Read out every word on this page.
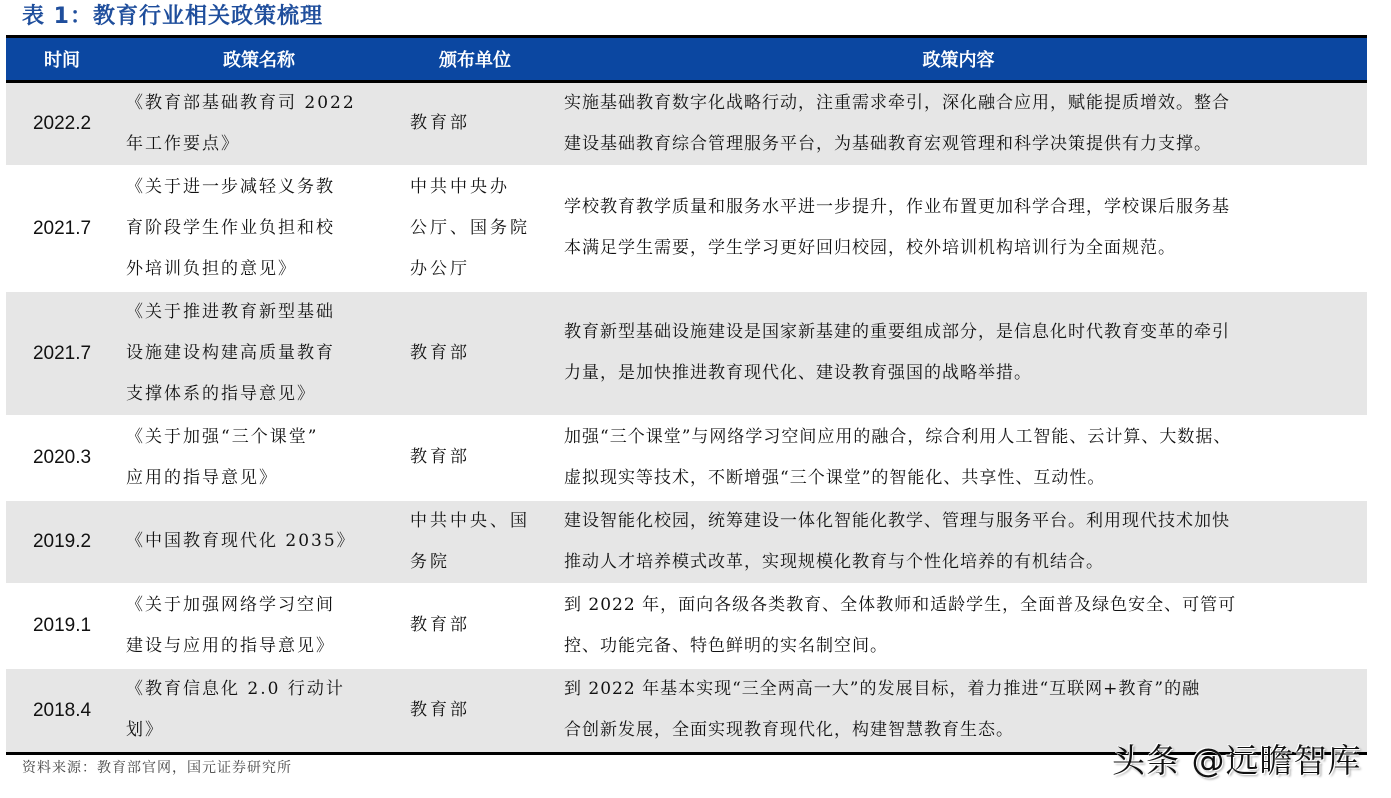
表 1：教育行业相关政策梳理
时间	政策名称	颁布单位	政策内容
2022.2	《教育部基础教育司 2022
年工作要点》	教育部	实施基础教育数字化战略行动，注重需求牵引，深化融合应用，赋能提质增效。整合
建设基础教育综合管理服务平台，为基础教育宏观管理和科学决策提供有力支撑。

2021.7	《关于进一步减轻义务教
育阶段学生作业负担和校
外培训负担的意见》	中共中央办
公厅、国务院
办公厅	学校教育教学质量和服务水平进一步提升，作业布置更加科学合理，学校课后服务基
本满足学生需要，学生学习更好回归校园，校外培训机构培训行为全面规范。

2021.7	《关于推进教育新型基础
设施建设构建高质量教育
支撑体系的指导意见》	教育部	教育新型基础设施建设是国家新基建的重要组成部分，是信息化时代教育变革的牵引
力量，是加快推进教育现代化、建设教育强国的战略举措。

2020.3	《关于加强“三个课堂”
应用的指导意见》	教育部	加强“三个课堂”与网络学习空间应用的融合，综合利用人工智能、云计算、大数据、
虚拟现实等技术，不断增强“三个课堂”的智能化、共享性、互动性。

2019.2	《中国教育现代化 2035》	中共中央、国
务院	建设智能化校园，统筹建设一体化智能化教学、管理与服务平台。利用现代技术加快
推动人才培养模式改革，实现规模化教育与个性化培养的有机结合。

2019.1	《关于加强网络学习空间
建设与应用的指导意见》	教育部	到 2022 年，面向各级各类教育、全体教师和适龄学生，全面普及绿色安全、可管可
控、功能完备、特色鲜明的实名制空间。

2018.4	《教育信息化 2.0 行动计
划》	教育部	到 2022 年基本实现“三全两高一大”的发展目标，着力推进“互联网+教育”的融
合创新发展，全面实现教育现代化，构建智慧教育生态。
资料来源：教育部官网，国元证券研究所	头条 @远瞻智库
